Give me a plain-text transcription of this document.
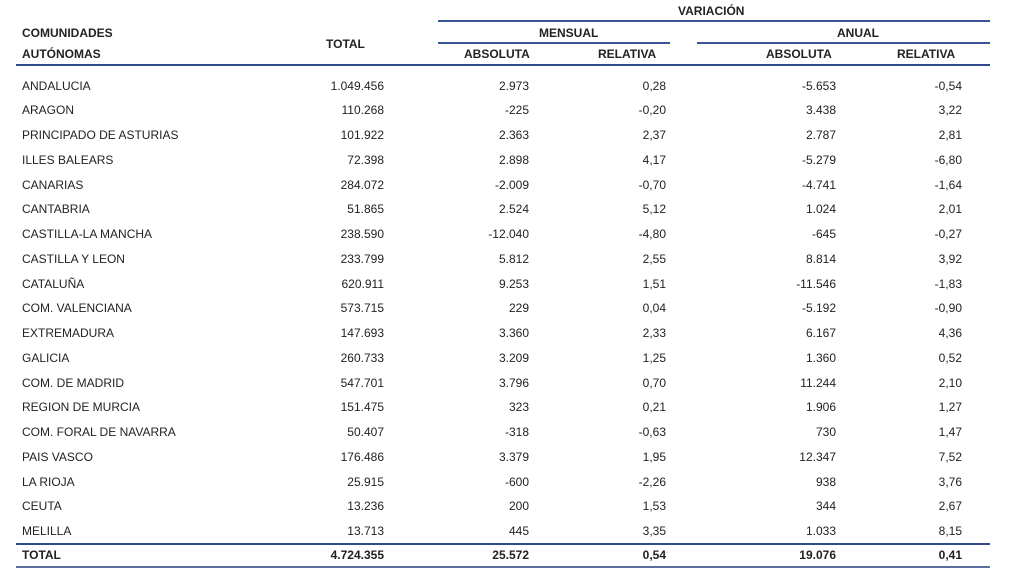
COMUNIDADES
AUTÓNOMAS
TOTAL
VARIACIÓN
MENSUAL	ANUAL
ABSOLUTA	RELATIVA	ABSOLUTA	RELATIVA
ANDALUCIA	1.049.456	2.973	0,28	-5.653	-0,54
ARAGON	110.268	-225	-0,20	3.438	3,22
PRINCIPADO DE ASTURIAS	101.922	2.363	2,37	2.787	2,81
ILLES BALEARS	72.398	2.898	4,17	-5.279	-6,80
CANARIAS	284.072	-2.009	-0,70	-4.741	-1,64
CANTABRIA	51.865	2.524	5,12	1.024	2,01
CASTILLA-LA MANCHA	238.590	-12.040	-4,80	-645	-0,27
CASTILLA Y LEON	233.799	5.812	2,55	8.814	3,92
CATALUÑA	620.911	9.253	1,51	-11.546	-1,83
COM. VALENCIANA	573.715	229	0,04	-5.192	-0,90
EXTREMADURA	147.693	3.360	2,33	6.167	4,36
GALICIA	260.733	3.209	1,25	1.360	0,52
COM. DE MADRID	547.701	3.796	0,70	11.244	2,10
REGION DE MURCIA	151.475	323	0,21	1.906	1,27
COM. FORAL DE NAVARRA	50.407	-318	-0,63	730	1,47
PAIS VASCO	176.486	3.379	1,95	12.347	7,52
LA RIOJA	25.915	-600	-2,26	938	3,76
CEUTA	13.236	200	1,53	344	2,67
MELILLA	13.713	445	3,35	1.033	8,15
TOTAL	4.724.355	25.572	0,54	19.076	0,41
